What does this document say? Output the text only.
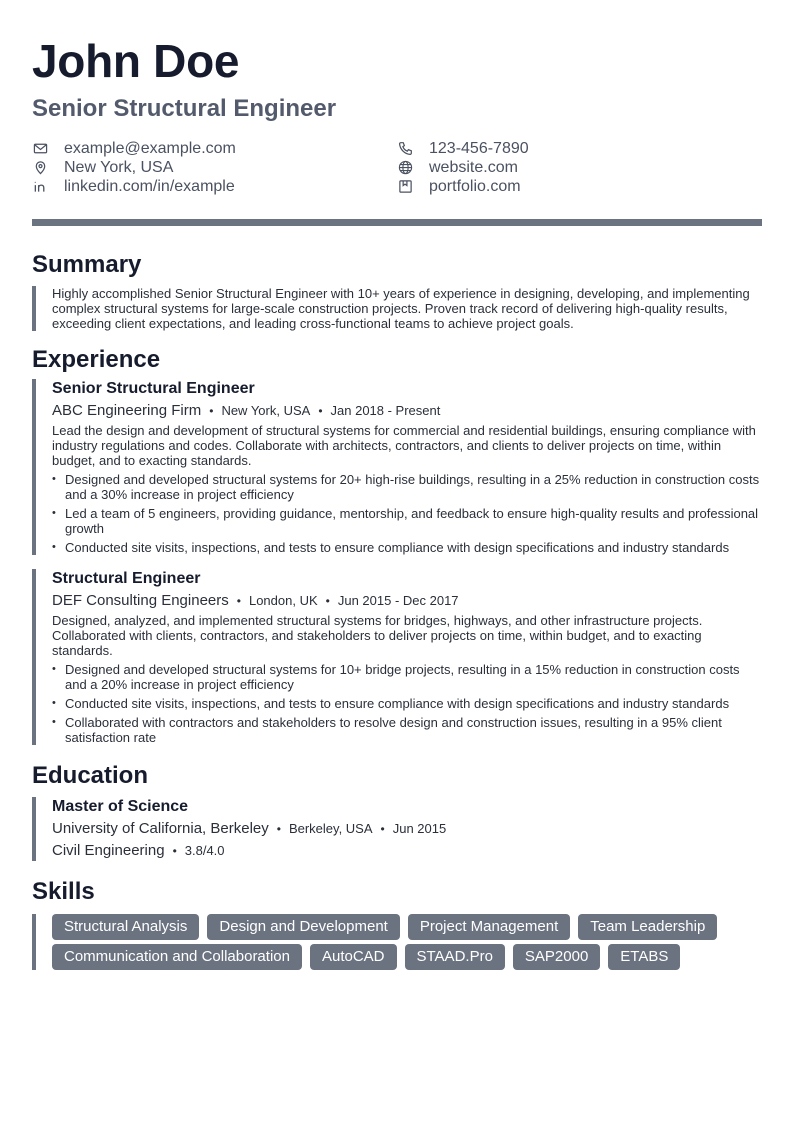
John Doe
Senior Structural Engineer
example@example.com
New York, USA
linkedin.com/in/example
123-456-7890
website.com
portfolio.com
Summary
Highly accomplished Senior Structural Engineer with 10+ years of experience in designing, developing, and implementing complex structural systems for large-scale construction projects. Proven track record of delivering high-quality results, exceeding client expectations, and leading cross-functional teams to achieve project goals.
Experience
Senior Structural Engineer
ABC Engineering Firm • New York, USA • Jan 2018 - Present
Lead the design and development of structural systems for commercial and residential buildings, ensuring compliance with industry regulations and codes. Collaborate with architects, contractors, and clients to deliver projects on time, within budget, and to exacting standards.
• Designed and developed structural systems for 20+ high-rise buildings, resulting in a 25% reduction in construction costs and a 30% increase in project efficiency
• Led a team of 5 engineers, providing guidance, mentorship, and feedback to ensure high-quality results and professional growth
• Conducted site visits, inspections, and tests to ensure compliance with design specifications and industry standards
Structural Engineer
DEF Consulting Engineers • London, UK • Jun 2015 - Dec 2017
Designed, analyzed, and implemented structural systems for bridges, highways, and other infrastructure projects. Collaborated with clients, contractors, and stakeholders to deliver projects on time, within budget, and to exacting standards.
• Designed and developed structural systems for 10+ bridge projects, resulting in a 15% reduction in construction costs and a 20% increase in project efficiency
• Conducted site visits, inspections, and tests to ensure compliance with design specifications and industry standards
• Collaborated with contractors and stakeholders to resolve design and construction issues, resulting in a 95% client satisfaction rate
Education
Master of Science
University of California, Berkeley • Berkeley, USA • Jun 2015
Civil Engineering • 3.8/4.0
Skills
Structural Analysis	Design and Development	Project Management	Team Leadership
Communication and Collaboration	AutoCAD	STAAD.Pro	SAP2000	ETABS
